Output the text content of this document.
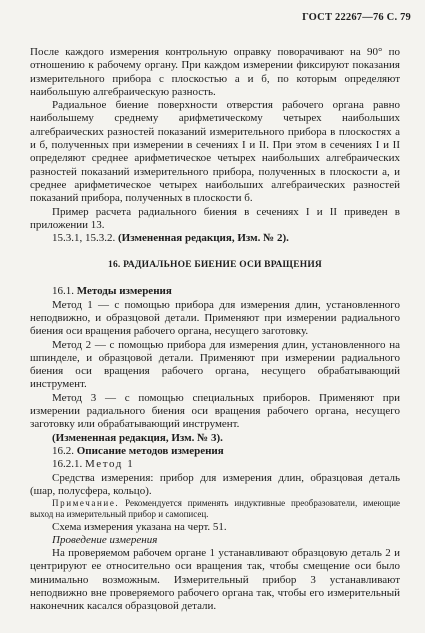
ГОСТ 22267—76 С. 79

После каждого измерения контрольную оправку поворачивают на 90° по отношению к рабочему органу. При каждом измерении фиксируют показания измерительного прибора с плоскостью а и б, по которым определяют наибольшую алгебраическую разность.

Радиальное биение поверхности отверстия рабочего органа равно наибольшему среднему арифметическому четырех наибольших алгебраических разностей показаний измерительного прибора в плоскостях а и б, полученных при измерении в сечениях I и II. При этом в сечениях I и II определяют среднее арифметическое четырех наибольших алгебраических разностей показаний измерительного прибора, полученных в плоскости а, и среднее арифметическое четырех наибольших алгебраических разностей показаний прибора, полученных в плоскости б.

Пример расчета радиального биения в сечениях I и II приведен в приложении 13.

15.3.1, 15.3.2. (Измененная редакция, Изм. № 2).

16. РАДИАЛЬНОЕ БИЕНИЕ ОСИ ВРАЩЕНИЯ

16.1. Методы измерения

Метод 1 — с помощью прибора для измерения длин, установленного неподвижно, и образцовой детали. Применяют при измерении радиального биения оси вращения рабочего органа, несущего заготовку.

Метод 2 — с помощью прибора для измерения длин, установленного на шпинделе, и образцовой детали. Применяют при измерении радиального биения оси вращения рабочего органа, несущего обрабатывающий инструмент.

Метод 3 — с помощью специальных приборов. Применяют при измерении радиального биения оси вращения рабочего органа, несущего заготовку или обрабатывающий инструмент.

(Измененная редакция, Изм. № 3).

16.2. Описание методов измерения

16.2.1. Метод 1

Средства измерения: прибор для измерения длин, образцовая деталь (шар, полусфера, кольцо).

Примечание. Рекомендуется применять индуктивные преобразователи, имеющие выход на измерительный прибор и самописец.

Схема измерения указана на черт. 51.

Проведение измерения

На проверяемом рабочем органе 1 устанавливают образцовую деталь 2 и центрируют ее относительно оси вращения так, чтобы смещение оси было минимально возможным. Измерительный прибор 3 устанавливают неподвижно вне проверяемого рабочего органа так, чтобы его измерительный наконечник касался образцовой детали.
